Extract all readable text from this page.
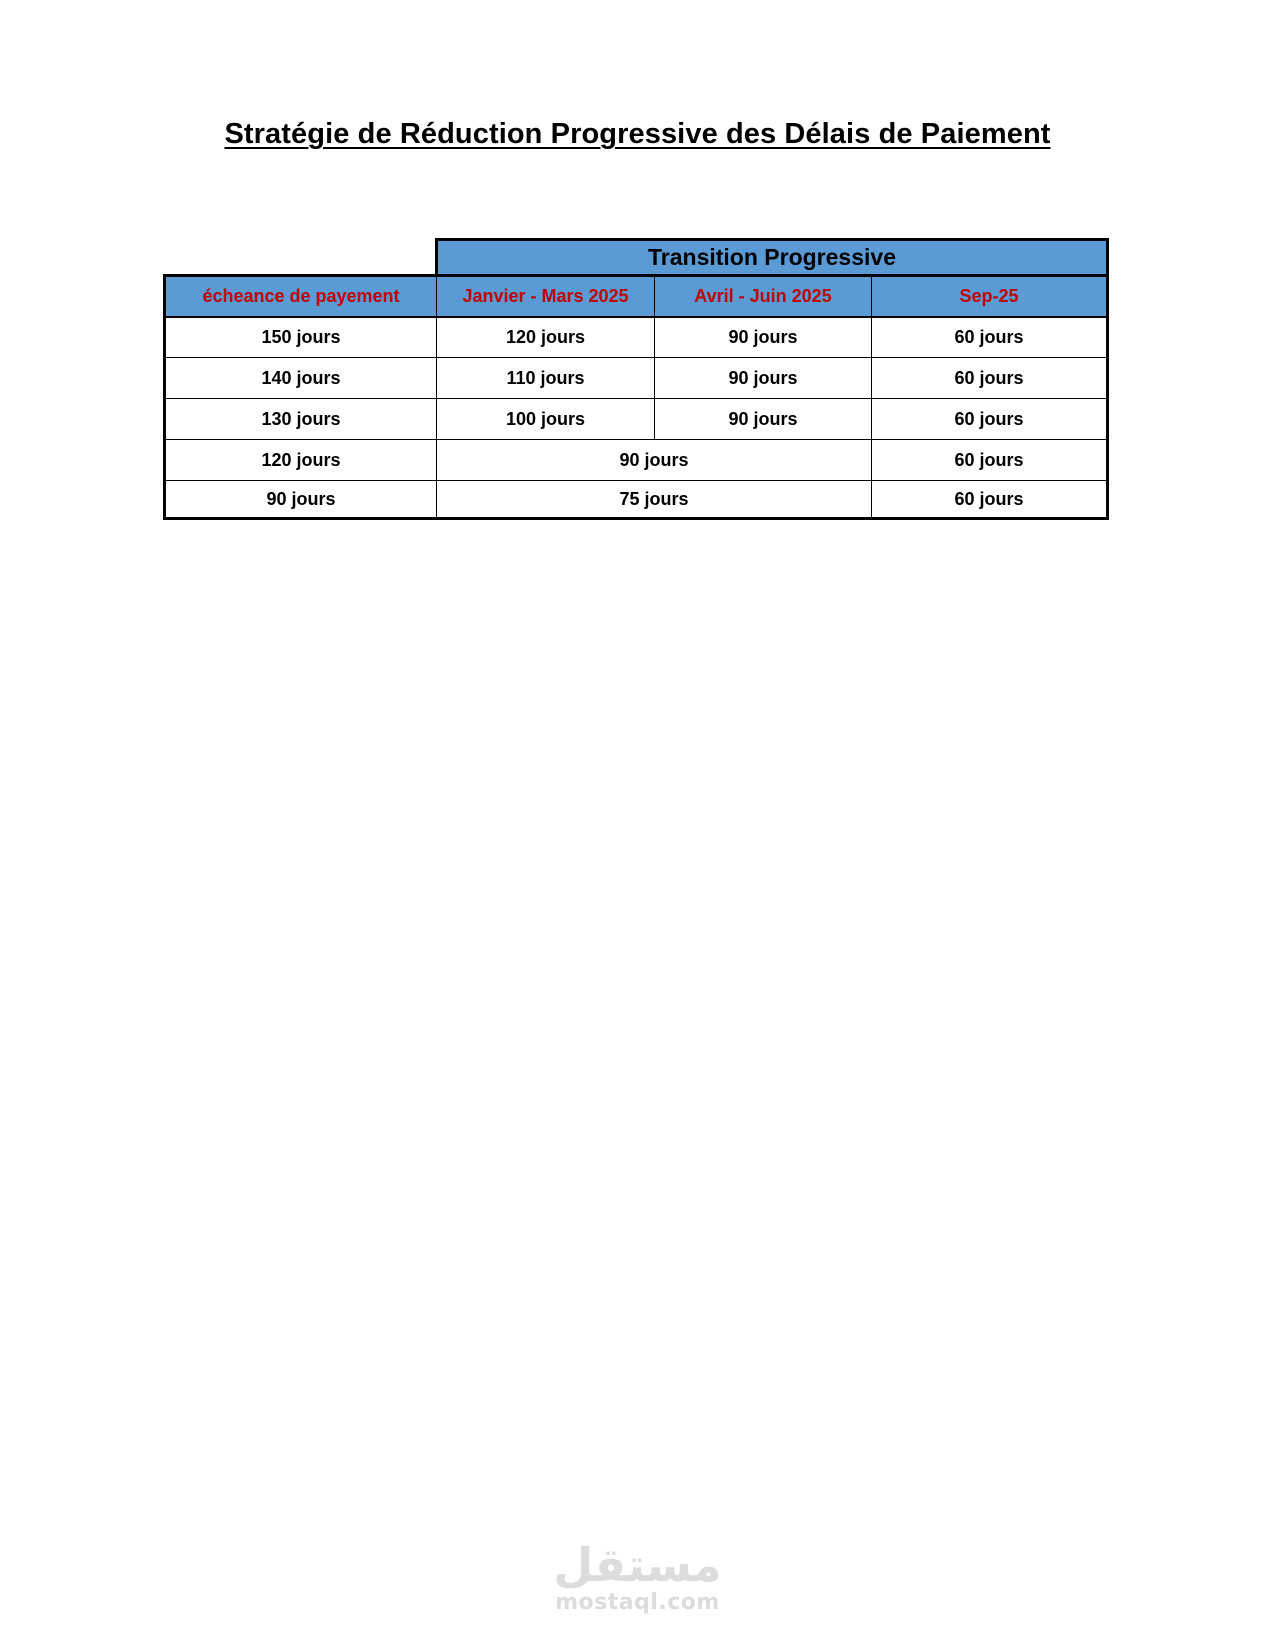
Stratégie de Réduction Progressive des Délais de Paiement
	Transition Progressive		
écheance de payement	Janvier - Mars 2025	Avril - Juin 2025	Sep-25
150 jours	120 jours	90 jours	60 jours
140 jours	110 jours	90 jours	60 jours
130 jours	100 jours	90 jours	60 jours
120 jours	90 jours		60 jours
90 jours	75 jours		60 jours
مستقل
mostaql.com
